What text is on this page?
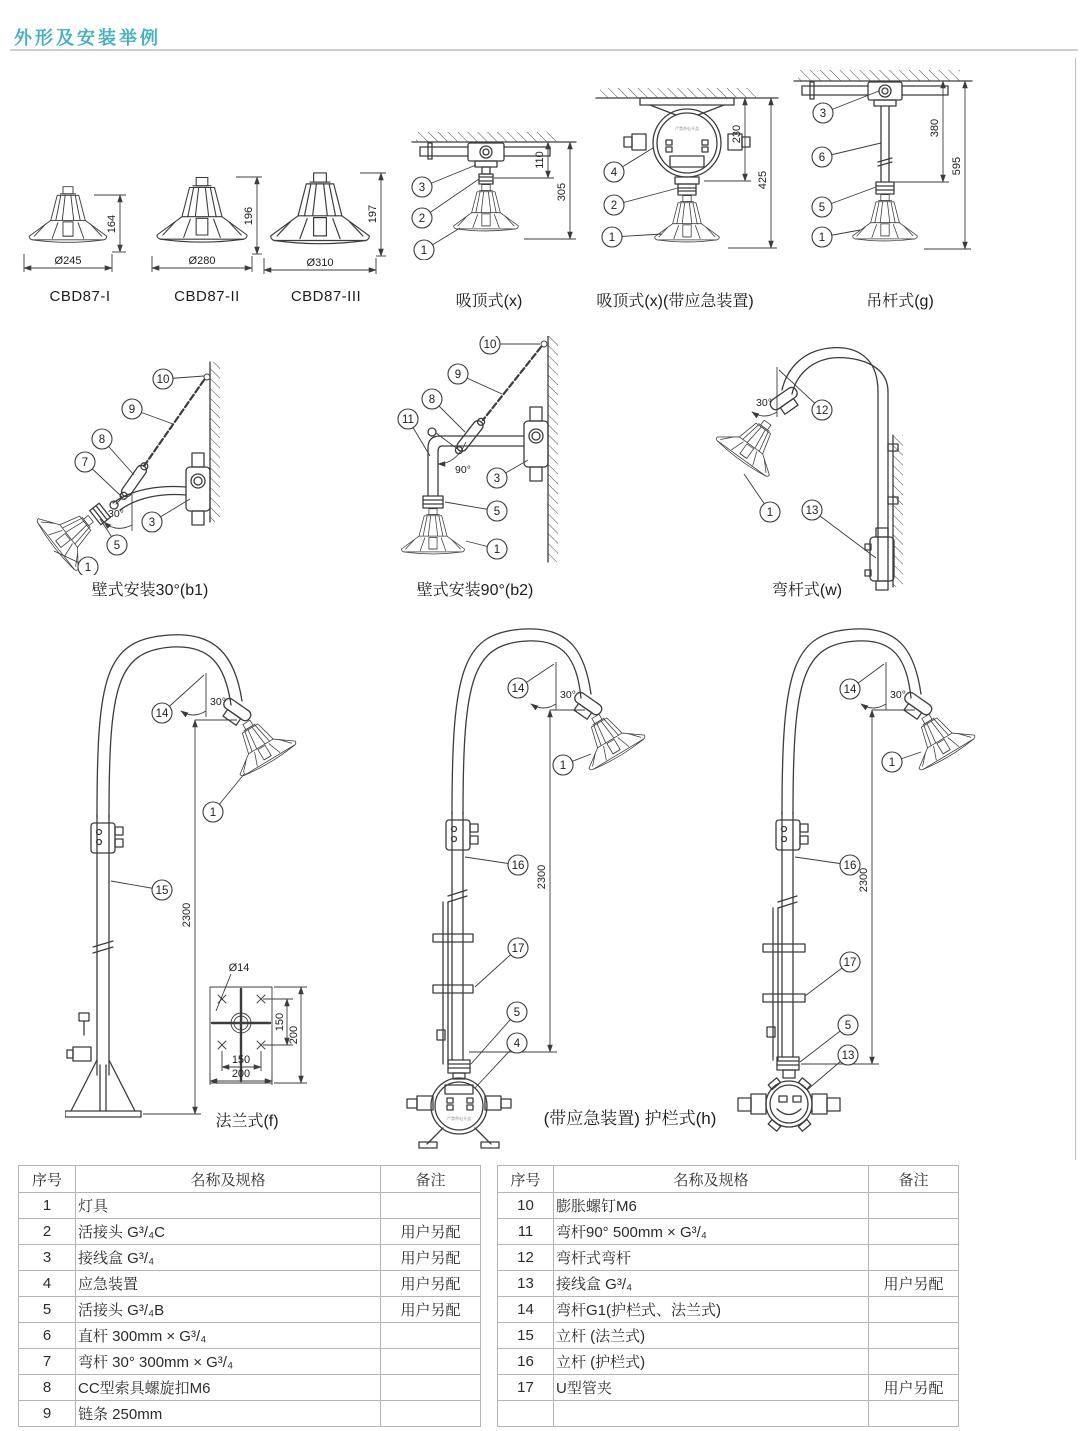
外形及安装举例
164
Ø245
CBD87-I
196
Ø280
CBD87-II
197
Ø310
CBD87-III
3
2
1
110
305
吸顶式(x)
严禁带电开盖
4
2
1
230
425
吸顶式(x)(带应急装置)
3
6
5
1
380
595
吊杆式(g)
30°
10
9
8
7
3
5
1
壁式安装30°(b1)
90°
10
9
8
11
3
5
1
壁式安装90°(b2)
30°
12
1	13
弯杆式(w)
30°
2300
14
1
15
Ø14
150
200
150
200
法兰式(f)
30°
2300
严禁带电开盖
14
1
16
17
5
4
(带应急装置) 护栏式(h)
30°
2300
14
1
16
17
5
13
序号	名称及规格	备注
1	灯具	
2	活接头 G³/₄C	用户另配
3	接线盒 G³/₄	用户另配
4	应急装置	用户另配
5	活接头 G³/₄B	用户另配
6	直杆 300mm × G³/₄	
7	弯杆 30° 300mm × G³/₄	
8	CC型索具螺旋扣M6	
9	链条 250mm	
序号	名称及规格	备注
10	膨胀螺钉M6	
11	弯杆90° 500mm × G³/₄	
12	弯杆式弯杆	
13	接线盒 G³/₄	用户另配
14	弯杆G1(护栏式、法兰式)	
15	立杆 (法兰式)	
16	立杆 (护栏式)	
17	U型管夹	用户另配
